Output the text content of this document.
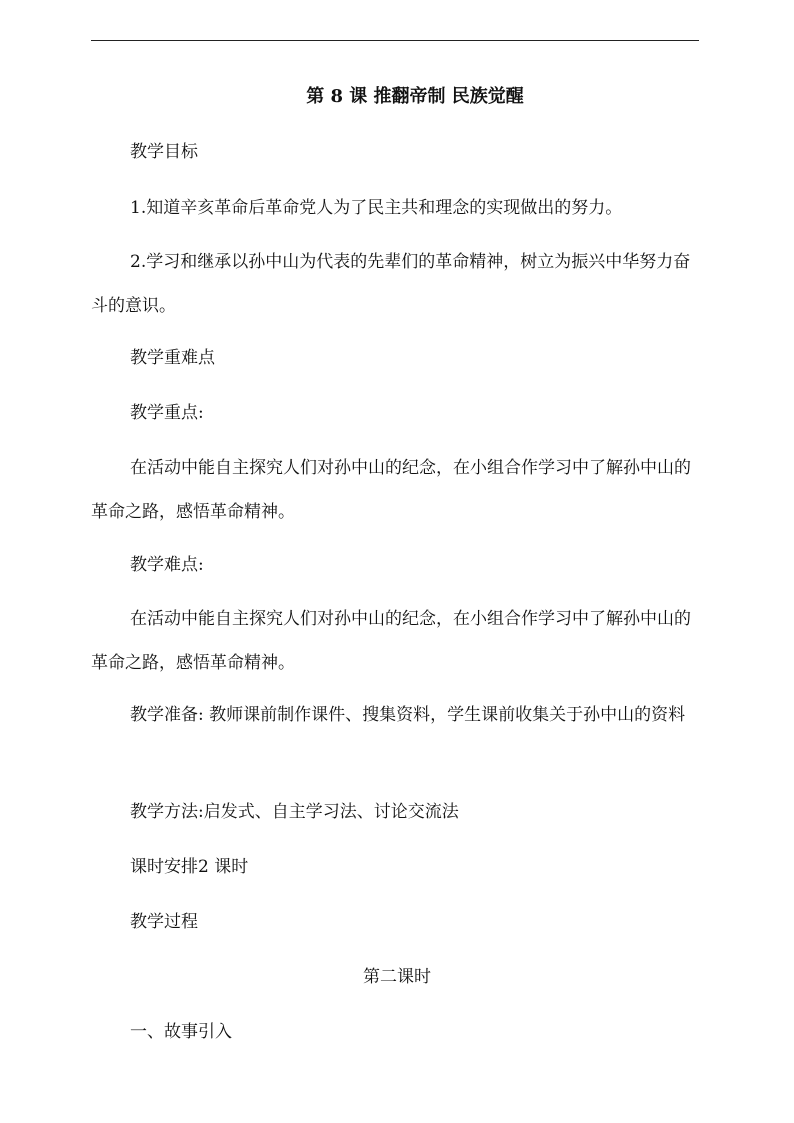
第 8 课 推翻帝制 民族觉醒

教学目标

1.知道辛亥革命后革命党人为了民主共和理念的实现做出的努力。

2.学习和继承以孙中山为代表的先辈们的革命精神，树立为振兴中华努力奋斗的意识。

教学重难点

教学重点:

在活动中能自主探究人们对孙中山的纪念，在小组合作学习中了解孙中山的革命之路，感悟革命精神。

教学难点:

在活动中能自主探究人们对孙中山的纪念，在小组合作学习中了解孙中山的革命之路，感悟革命精神。

教学准备: 教师课前制作课件、搜集资料，学生课前收集关于孙中山的资料

教学方法:启发式、自主学习法、讨论交流法

课时安排2 课时

教学过程

第二课时

一、故事引入
